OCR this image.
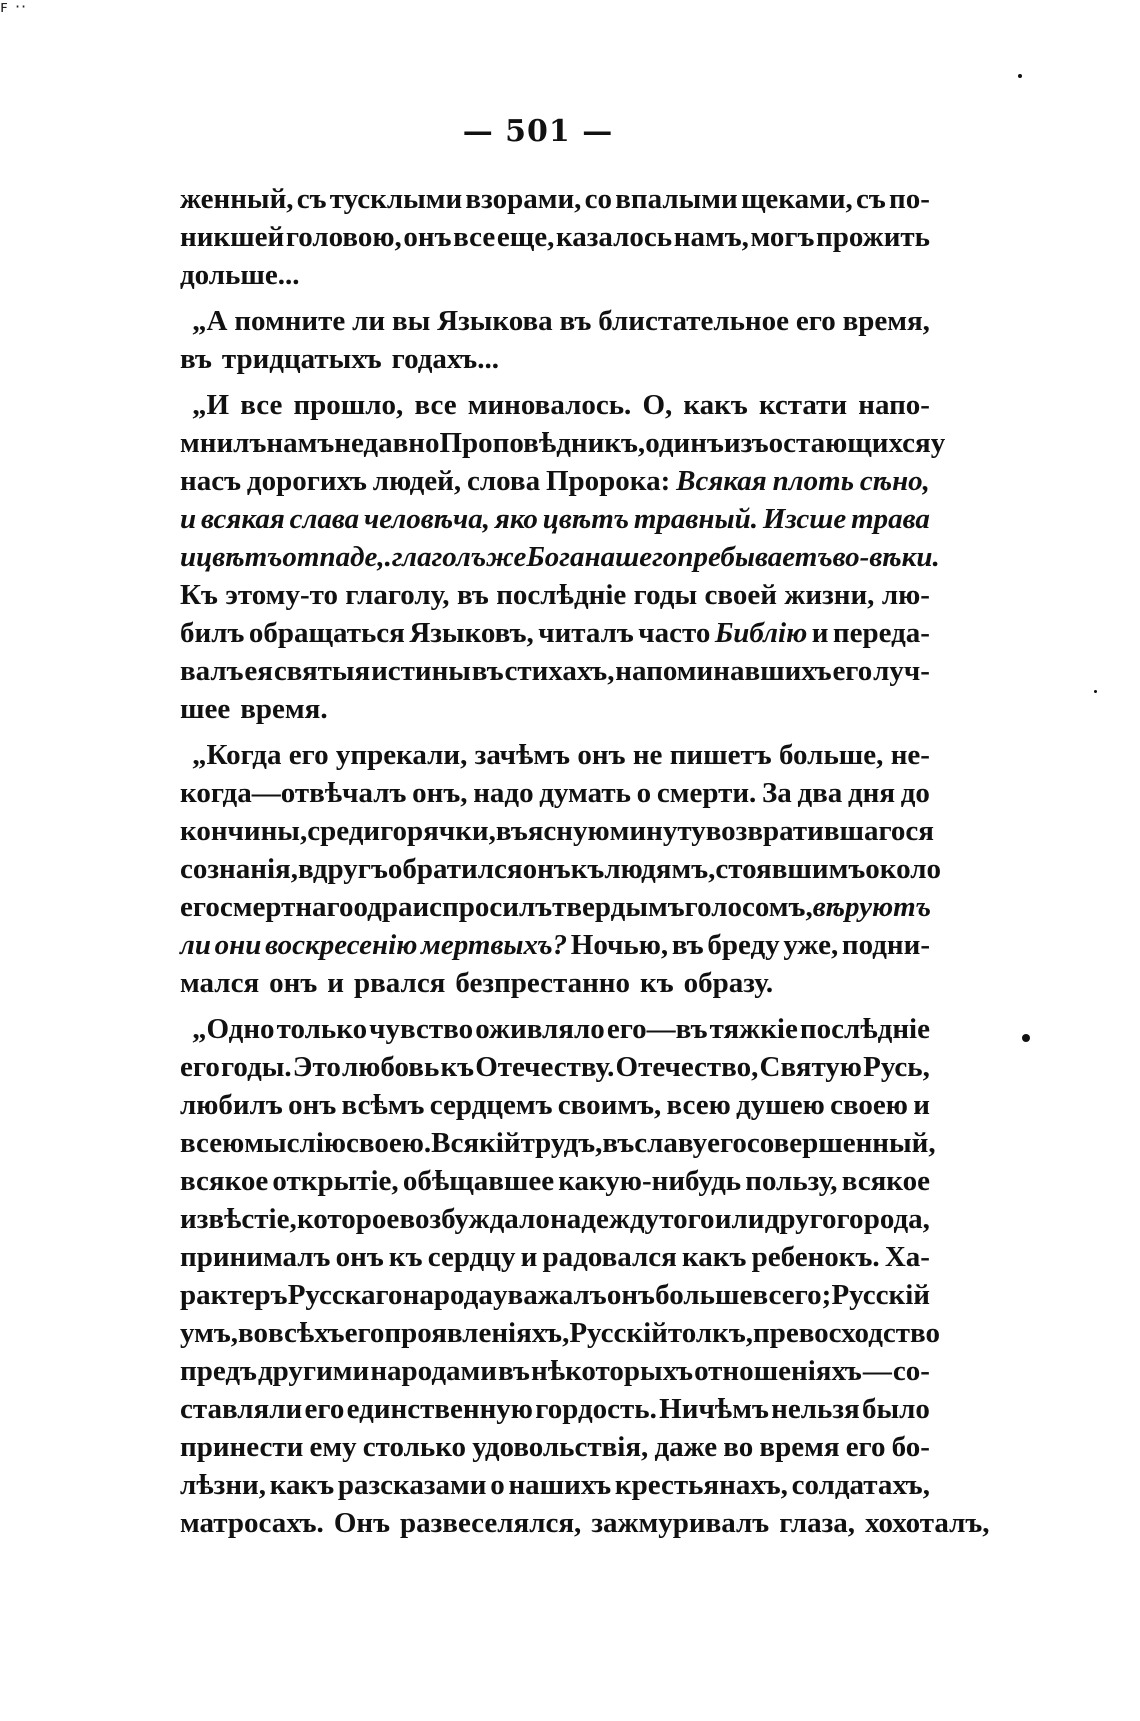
ꜰ ··
— 501 —
женный, съ тусклыми взорами, со впалыми щеками, съ по-
никшей головою, онъ все еще, казалось намъ, могъ прожить
дольше...
„А помните ли вы Языкова въ блистательное его время,
въ тридцатыхъ годахъ...
„И все прошло, все миновалось. О, какъ кстати напо-
мнилъ намъ недавно Проповѣдникъ, одинъ изъ остающихся у
насъ дорогихъ людей, слова Пророка: Всякая плоть сѣно,
и всякая слава человѣча, яко цвѣтъ травный. Изсше трава
и цвѣтъ отпаде,. глаголъ же Бога нашего пребываетъ во-вѣки.
Къ этому-то глаголу, въ послѣдніе годы своей жизни, лю-
билъ обращаться Языковъ, читалъ часто Библію и переда-
валъ ея святыя истины въ стихахъ, напоминавшихъ его луч-
шее время.
„Когда его упрекали, зачѣмъ онъ не пишетъ больше, не-
когда—отвѣчалъ онъ, надо думать о смерти. За два дня до
кончины, среди горячки, въ ясную минуту возвратившагося
сознанія, вдругъ обратился онъ къ людямъ, стоявшимъ около
его смертнаго одра и спросилъ твердымъ голосомъ, вѣруютъ
ли они воскресенію мертвыхъ? Ночью, въ бреду уже, подни-
мался онъ и рвался безпрестанно къ образу.
„Одно только чувство оживляло его—въ тяжкіе послѣдніе
его годы. Это любовь къ Отечеству. Отечество, Святую Русь,
любилъ онъ всѣмъ сердцемъ своимъ, всею душею своею и
всею мыслію своею. Всякій трудъ, въ славу его совершенный,
всякое открытіе, обѣщавшее какую-нибудь пользу, всякое
извѣстіе, которое возбуждало надежду того или другого рода,
принималъ онъ къ сердцу и радовался какъ ребенокъ. Ха-
рактеръ Русскаго народа уважалъ онъ больше всего; Русскій
умъ, во всѣхъ его проявленіяхъ, Русскій толкъ, превосходство
предъ другими народами въ нѣкоторыхъ отношеніяхъ — со-
ставляли его единственную гордость. Ничѣмъ нельзя было
принести ему столько удовольствія, даже во время его бо-
лѣзни, какъ разсказами о нашихъ крестьянахъ, солдатахъ,
матросахъ. Онъ развеселялся, зажмуривалъ глаза, хохоталъ,
